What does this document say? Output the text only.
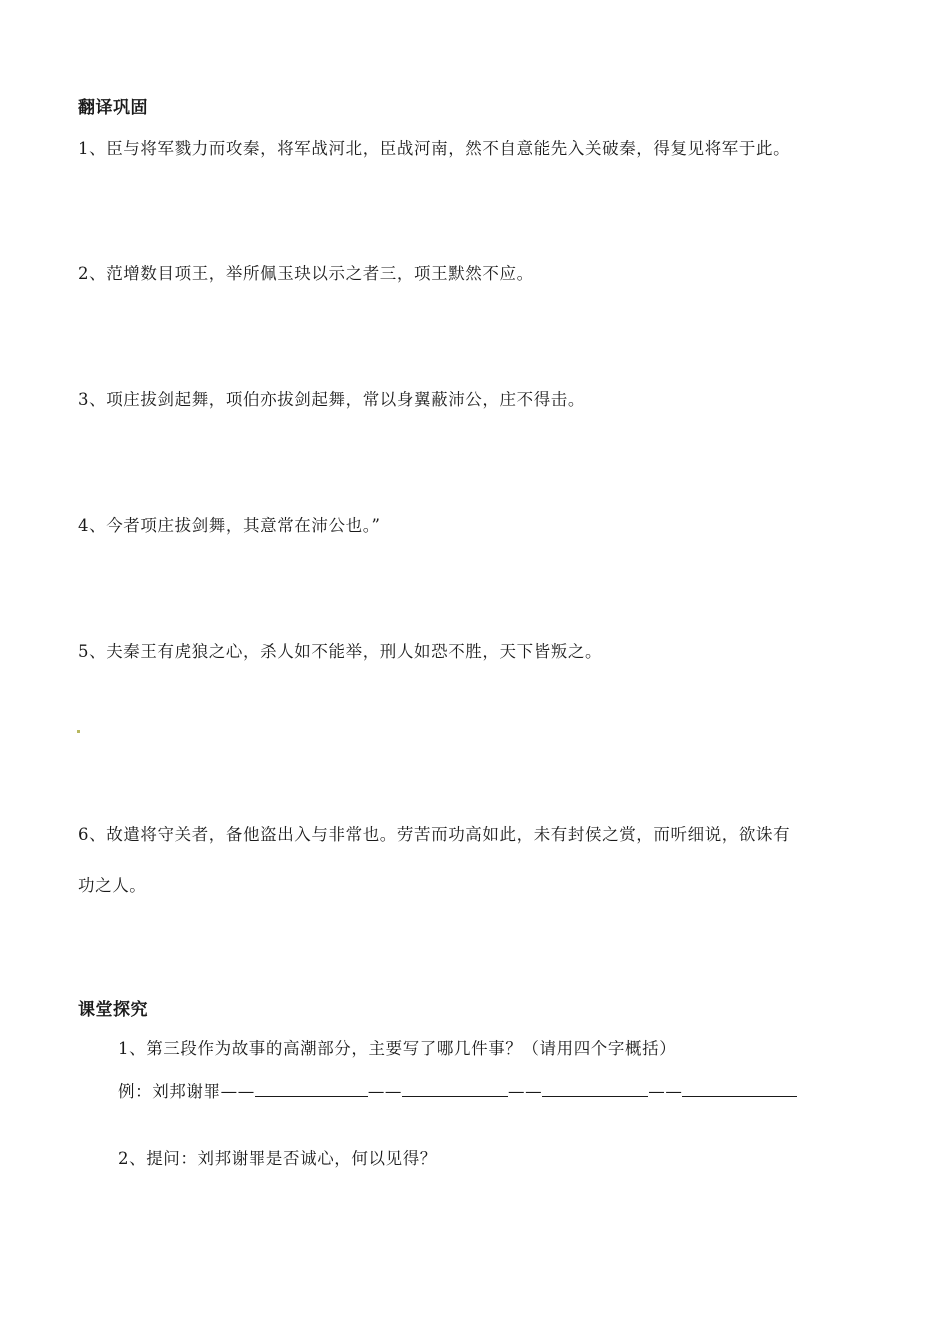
翻译巩固
1、臣与将军戮力而攻秦，将军战河北，臣战河南，然不自意能先入关破秦，得复见将军于此。
2、范增数目项王，举所佩玉玦以示之者三，项王默然不应。
3、项庄拔剑起舞，项伯亦拔剑起舞，常以身翼蔽沛公，庄不得击。
4、今者项庄拔剑舞，其意常在沛公也。”
5、夫秦王有虎狼之心，杀人如不能举，刑人如恐不胜，天下皆叛之。
6、故遣将守关者，备他盗出入与非常也。劳苦而功高如此，未有封侯之赏，而听细说，欲诛有
功之人。
课堂探究
1、第三段作为故事的高潮部分，主要写了哪几件事？（请用四个字概括）
例：刘邦谢罪——	——	——	——
2、提问：刘邦谢罪是否诚心，何以见得？
